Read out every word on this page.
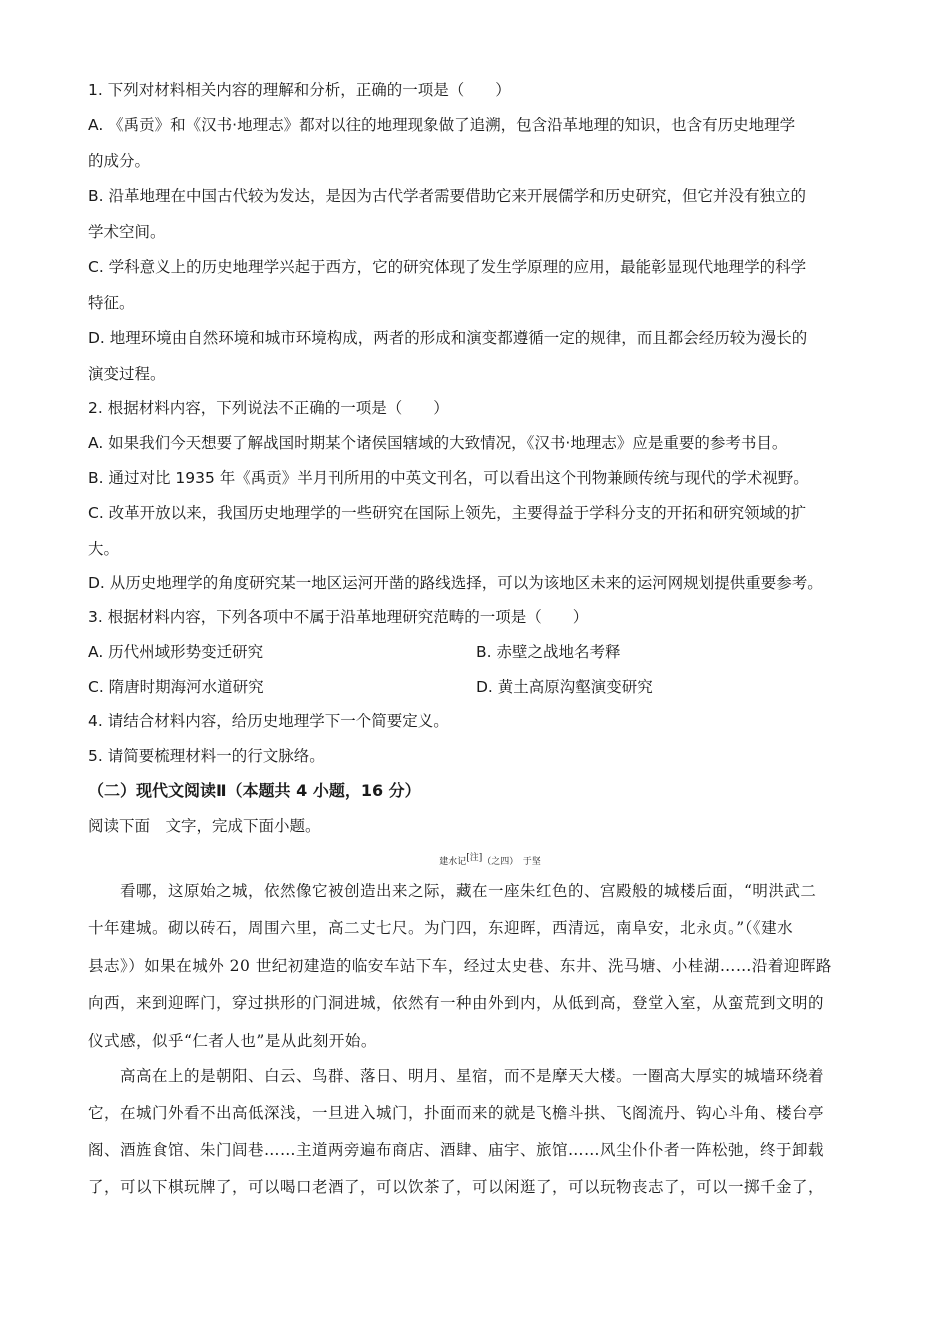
1. 下列对材料相关内容的理解和分析，正确的一项是（　　）
A. 《禹贡》和《汉书·地理志》都对以往的地理现象做了追溯，包含沿革地理的知识，也含有历史地理学
的成分。
B. 沿革地理在中国古代较为发达，是因为古代学者需要借助它来开展儒学和历史研究，但它并没有独立的
学术空间。
C. 学科意义上的历史地理学兴起于西方，它的研究体现了发生学原理的应用，最能彰显现代地理学的科学
特征。
D. 地理环境由自然环境和城市环境构成，两者的形成和演变都遵循一定的规律，而且都会经历较为漫长的
演变过程。
2. 根据材料内容，下列说法不正确的一项是（　　）
A. 如果我们今天想要了解战国时期某个诸侯国辖域的大致情况，《汉书·地理志》应是重要的参考书目。
B. 通过对比 1935 年《禹贡》半月刊所用的中英文刊名，可以看出这个刊物兼顾传统与现代的学术视野。
C. 改革开放以来，我国历史地理学的一些研究在国际上领先，主要得益于学科分支的开拓和研究领域的扩
大。
D. 从历史地理学的角度研究某一地区运河开凿的路线选择，可以为该地区未来的运河网规划提供重要参考。
3. 根据材料内容，下列各项中不属于沿革地理研究范畴的一项是（　　）
A. 历代州域形势变迁研究	B. 赤壁之战地名考释
C. 隋唐时期海河水道研究	D. 黄土高原沟壑演变研究
4. 请结合材料内容，给历史地理学下一个简要定义。
5. 请简要梳理材料一的行文脉络。
（二）现代文阅读Ⅱ（本题共 4 小题，16 分）
阅读下面　文字，完成下面小题。
建水记[注]（之四）　于坚
　　看哪，这原始之城，依然像它被创造出来之际，藏在一座朱红色的、宫殿般的城楼后面，“明洪武二
十年建城。砌以砖石，周围六里，高二丈七尺。为门四，东迎晖，西清远，南阜安，北永贞。”（《建水
县志》）如果在城外 20 世纪初建造的临安车站下车，经过太史巷、东井、洗马塘、小桂湖……沿着迎晖路
向西，来到迎晖门，穿过拱形的门洞进城，依然有一种由外到内，从低到高，登堂入室，从蛮荒到文明的
仪式感，似乎“仁者人也”是从此刻开始。
　　高高在上的是朝阳、白云、鸟群、落日、明月、星宿，而不是摩天大楼。一圈高大厚实的城墙环绕着
它，在城门外看不出高低深浅，一旦进入城门，扑面而来的就是飞檐斗拱、飞阁流丹、钩心斗角、楼台亭
阁、酒旌食馆、朱门闾巷……主道两旁遍布商店、酒肆、庙宇、旅馆……风尘仆仆者一阵松弛，终于卸载
了，可以下棋玩牌了，可以喝口老酒了，可以饮茶了，可以闲逛了，可以玩物丧志了，可以一掷千金了，
